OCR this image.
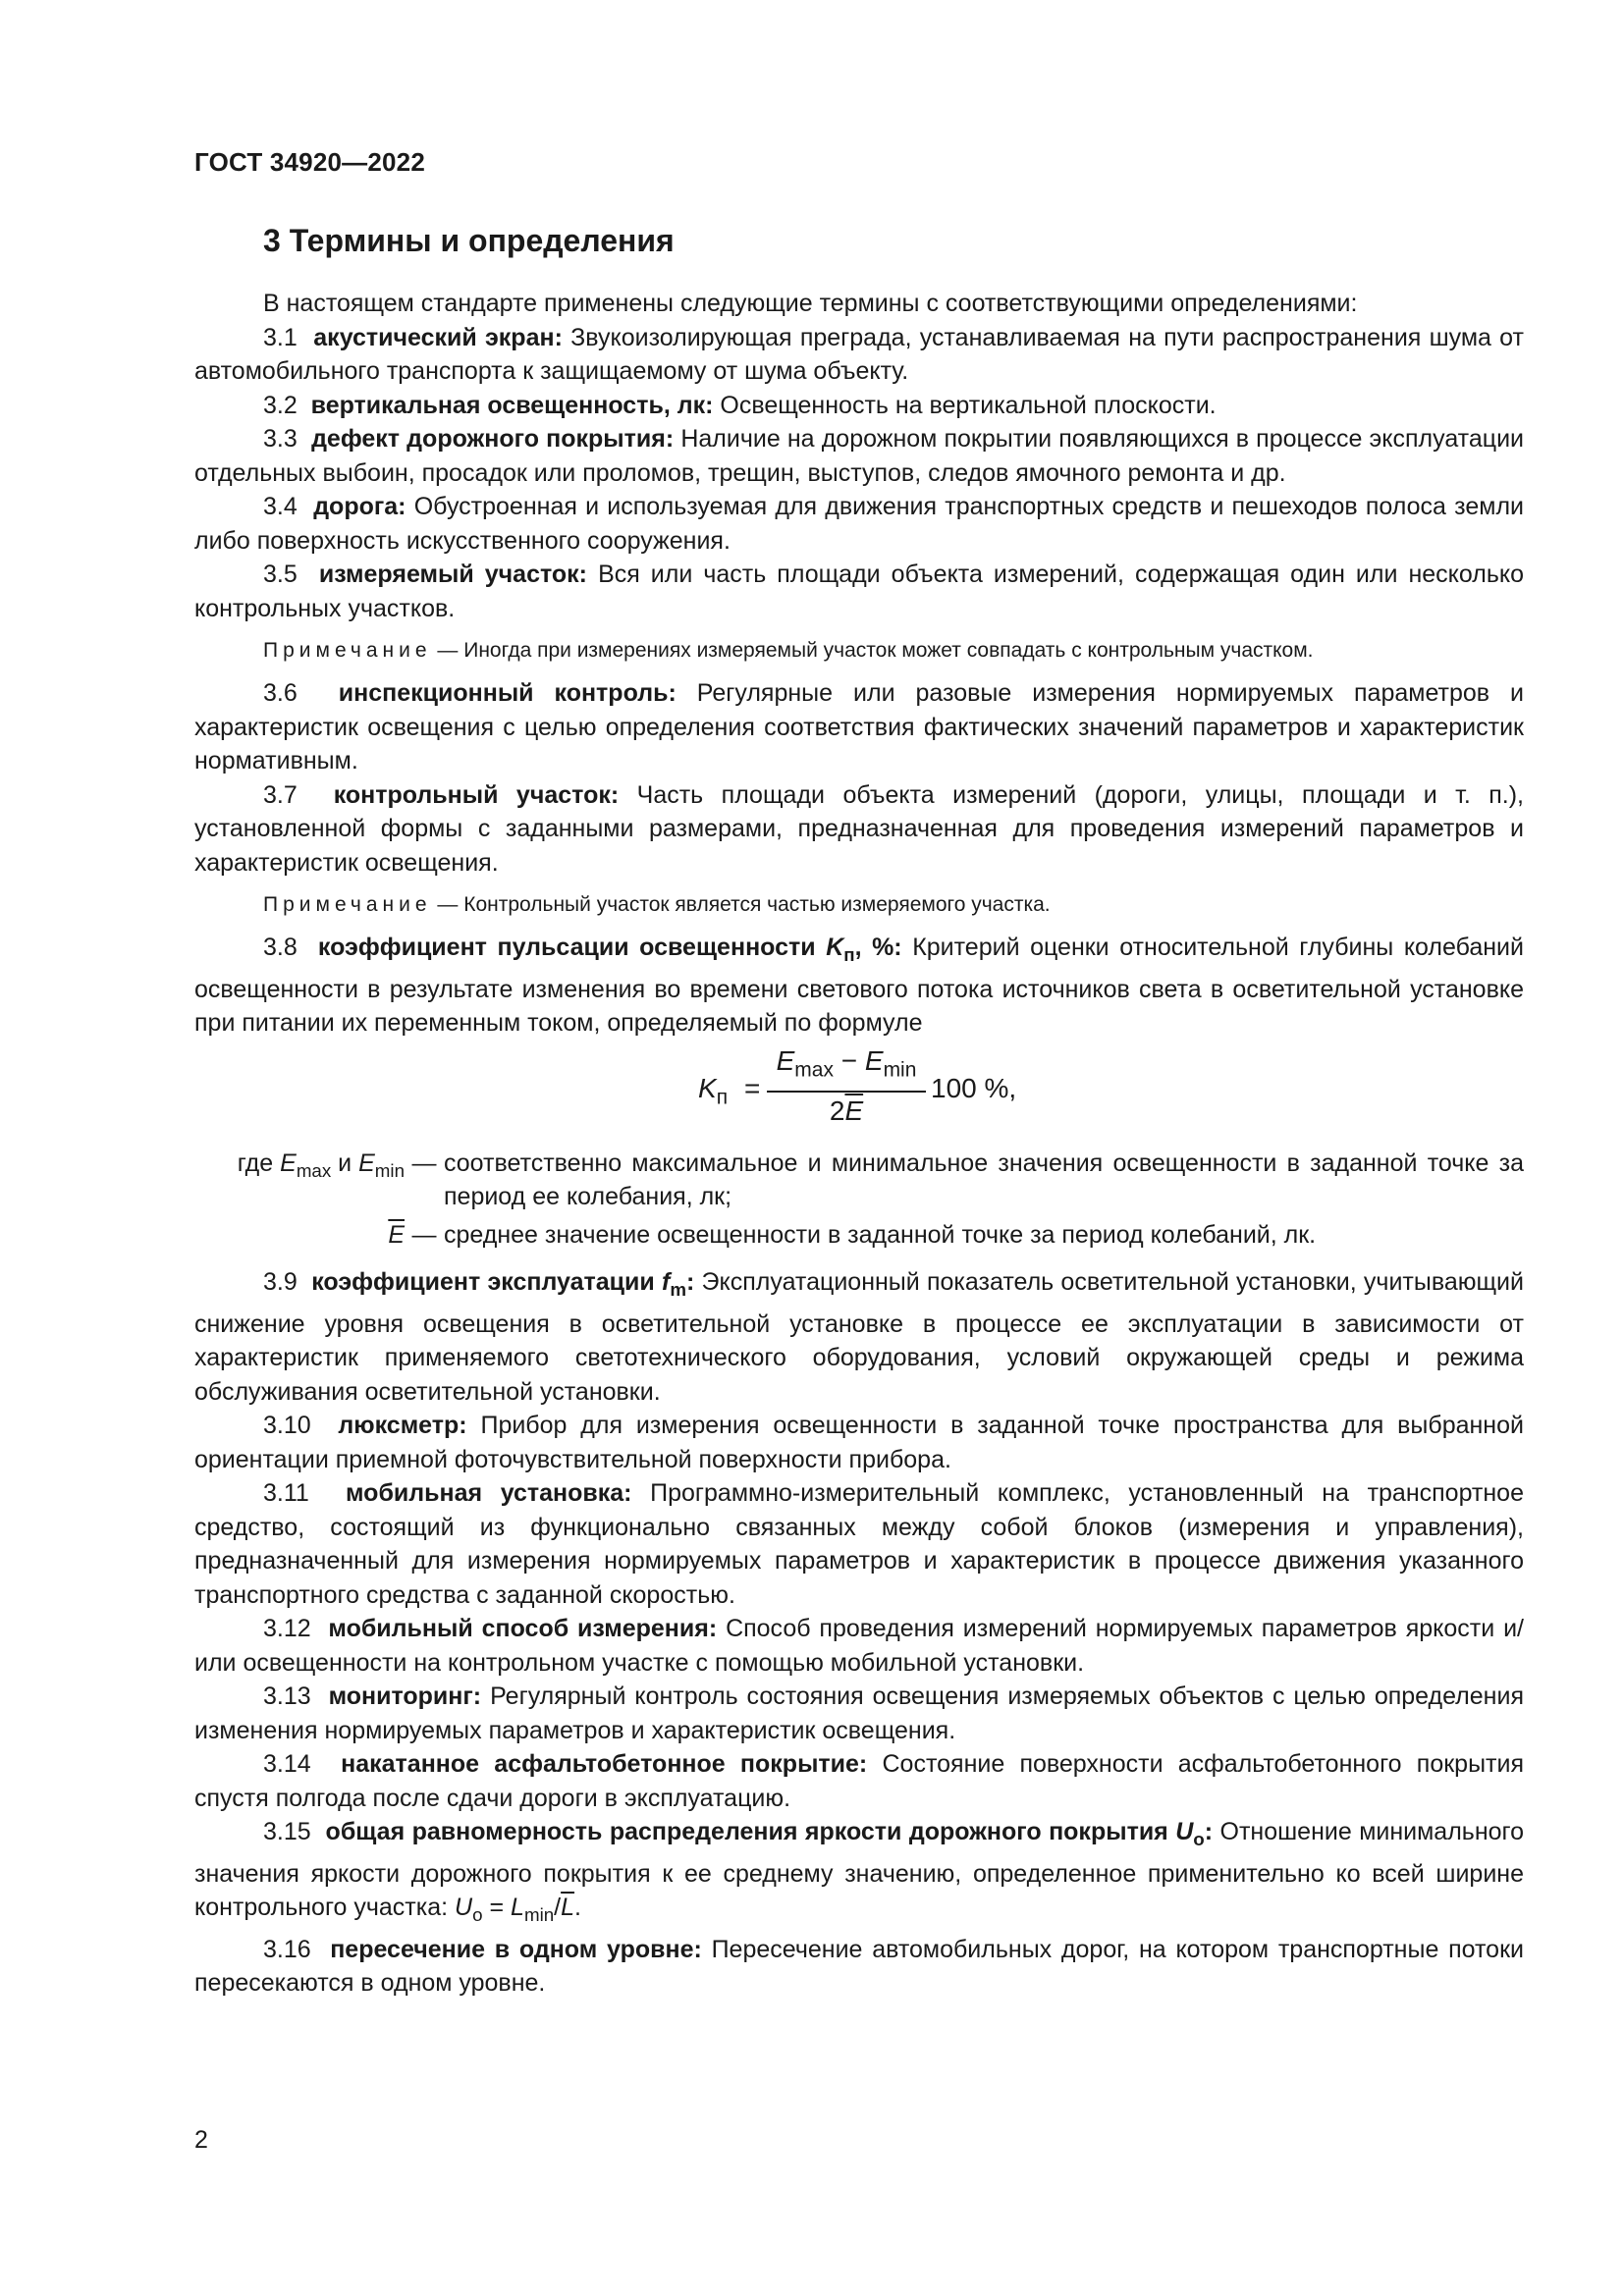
ГОСТ 34920—2022
3 Термины и определения

В настоящем стандарте применены следующие термины с соответствующими определениями:

3.1 акустический экран: Звукоизолирующая преграда, устанавливаемая на пути распространения шума от автомобильного транспорта к защищаемому от шума объекту.

3.2 вертикальная освещенность, лк: Освещенность на вертикальной плоскости.

3.3 дефект дорожного покрытия: Наличие на дорожном покрытии появляющихся в процессе эксплуатации отдельных выбоин, просадок или проломов, трещин, выступов, следов ямочного ремонта и др.

3.4 дорога: Обустроенная и используемая для движения транспортных средств и пешеходов полоса земли либо поверхность искусственного сооружения.

3.5 измеряемый участок: Вся или часть площади объекта измерений, содержащая один или несколько контрольных участков.

Примечание — Иногда при измерениях измеряемый участок может совпадать с контрольным участком.

3.6 инспекционный контроль: Регулярные или разовые измерения нормируемых параметров и характеристик освещения с целью определения соответствия фактических значений параметров и характеристик нормативным.

3.7 контрольный участок: Часть площади объекта измерений (дороги, улицы, площади и т. п.), установленной формы с заданными размерами, предназначенная для проведения измерений параметров и характеристик освещения.

Примечание — Контрольный участок является частью измеряемого участка.

3.8 коэффициент пульсации освещенности $K_п$, %: Критерий оценки относительной глубины колебаний освещенности в результате изменения во времени светового потока источников света в осветительной установке при питании их переменным током, определяемый по формуле

$K_п$ =
$E_{max} - E_{min}$
$2\overline{E}$
100 %,
где $E_{max}$ и $E_{min}$ — соответственно максимальное и минимальное значения освещенности в заданной точке за период ее колебания, лк;
$\overline{E}$ — среднее значение освещенности в заданной точке за период колебаний, лк.

3.9 коэффициент эксплуатации $f_m$: Эксплуатационный показатель осветительной установки, учитывающий снижение уровня освещения в осветительной установке в процессе ее эксплуатации в зависимости от характеристик применяемого светотехнического оборудования, условий окружающей среды и режима обслуживания осветительной установки.

3.10 люксметр: Прибор для измерения освещенности в заданной точке пространства для выбранной ориентации приемной фоточувствительной поверхности прибора.

3.11 мобильная установка: Программно-измерительный комплекс, установленный на транспортное средство, состоящий из функционально связанных между собой блоков (измерения и управления), предназначенный для измерения нормируемых параметров и характеристик в процессе движения указанного транспортного средства с заданной скоростью.

3.12 мобильный способ измерения: Способ проведения измерений нормируемых параметров яркости и/или освещенности на контрольном участке с помощью мобильной установки.

3.13 мониторинг: Регулярный контроль состояния освещения измеряемых объектов с целью определения изменения нормируемых параметров и характеристик освещения.

3.14 накатанное асфальтобетонное покрытие: Состояние поверхности асфальтобетонного покрытия спустя полгода после сдачи дороги в эксплуатацию.

3.15 общая равномерность распределения яркости дорожного покрытия $U_o$: Отношение минимального значения яркости дорожного покрытия к ее среднему значению, определенное применительно ко всей ширине контрольного участка: $U_o = L_{min}/\overline{L}$.

3.16 пересечение в одном уровне: Пересечение автомобильных дорог, на котором транспортные потоки пересекаются в одном уровне.

2
